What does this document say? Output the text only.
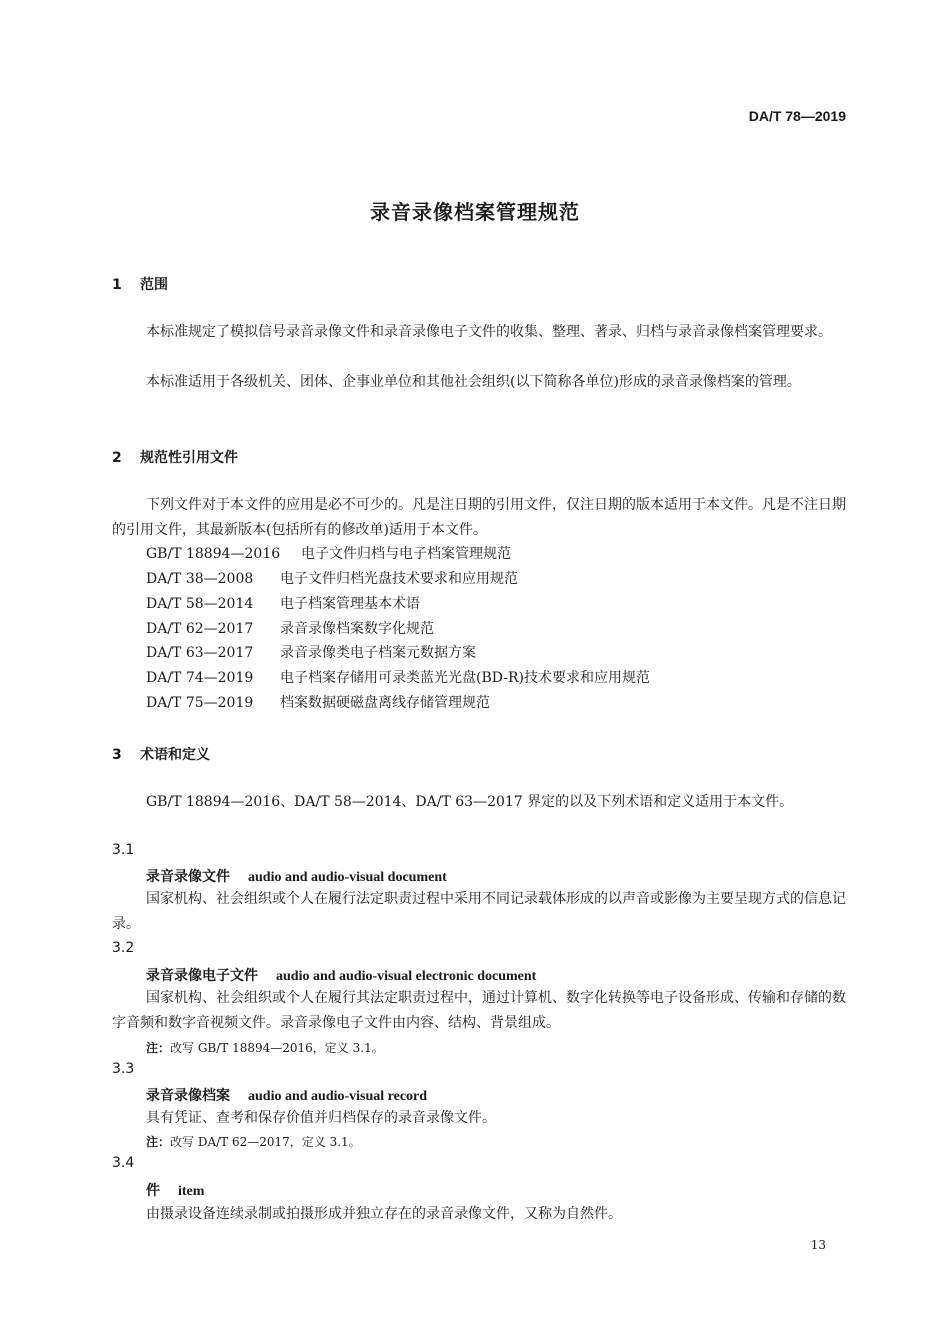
DA/T 78—2019
录音录像档案管理规范
1 范围
本标准规定了模拟信号录音录像文件和录音录像电子文件的收集、整理、著录、归档与录音录像档案管理要求。
本标准适用于各级机关、团体、企事业单位和其他社会组织(以下简称各单位)形成的录音录像档案的管理。
2 规范性引用文件
下列文件对于本文件的应用是必不可少的。凡是注日期的引用文件，仅注日期的版本适用于本文件。凡是不注日期的引用文件，其最新版本(包括所有的修改单)适用于本文件。
GB/T 18894—2016 电子文件归档与电子档案管理规范
DA/T 38—2008 电子文件归档光盘技术要求和应用规范
DA/T 58—2014 电子档案管理基本术语
DA/T 62—2017 录音录像档案数字化规范
DA/T 63—2017 录音录像类电子档案元数据方案
DA/T 74—2019 电子档案存储用可录类蓝光光盘(BD-R)技术要求和应用规范
DA/T 75—2019 档案数据硬磁盘离线存储管理规范
3 术语和定义
GB/T 18894—2016、DA/T 58—2014、DA/T 63—2017 界定的以及下列术语和定义适用于本文件。
3.1
录音录像文件 audio and audio-visual document
国家机构、社会组织或个人在履行法定职责过程中采用不同记录载体形成的以声音或影像为主要呈现方式的信息记录。
3.2
录音录像电子文件 audio and audio-visual electronic document
国家机构、社会组织或个人在履行其法定职责过程中，通过计算机、数字化转换等电子设备形成、传输和存储的数字音频和数字音视频文件。录音录像电子文件由内容、结构、背景组成。
注：改写 GB/T 18894—2016，定义 3.1。
3.3
录音录像档案 audio and audio-visual record
具有凭证、查考和保存价值并归档保存的录音录像文件。
注：改写 DA/T 62—2017，定义 3.1。
3.4
件 item
由摄录设备连续录制或拍摄形成并独立存在的录音录像文件，又称为自然件。
13
